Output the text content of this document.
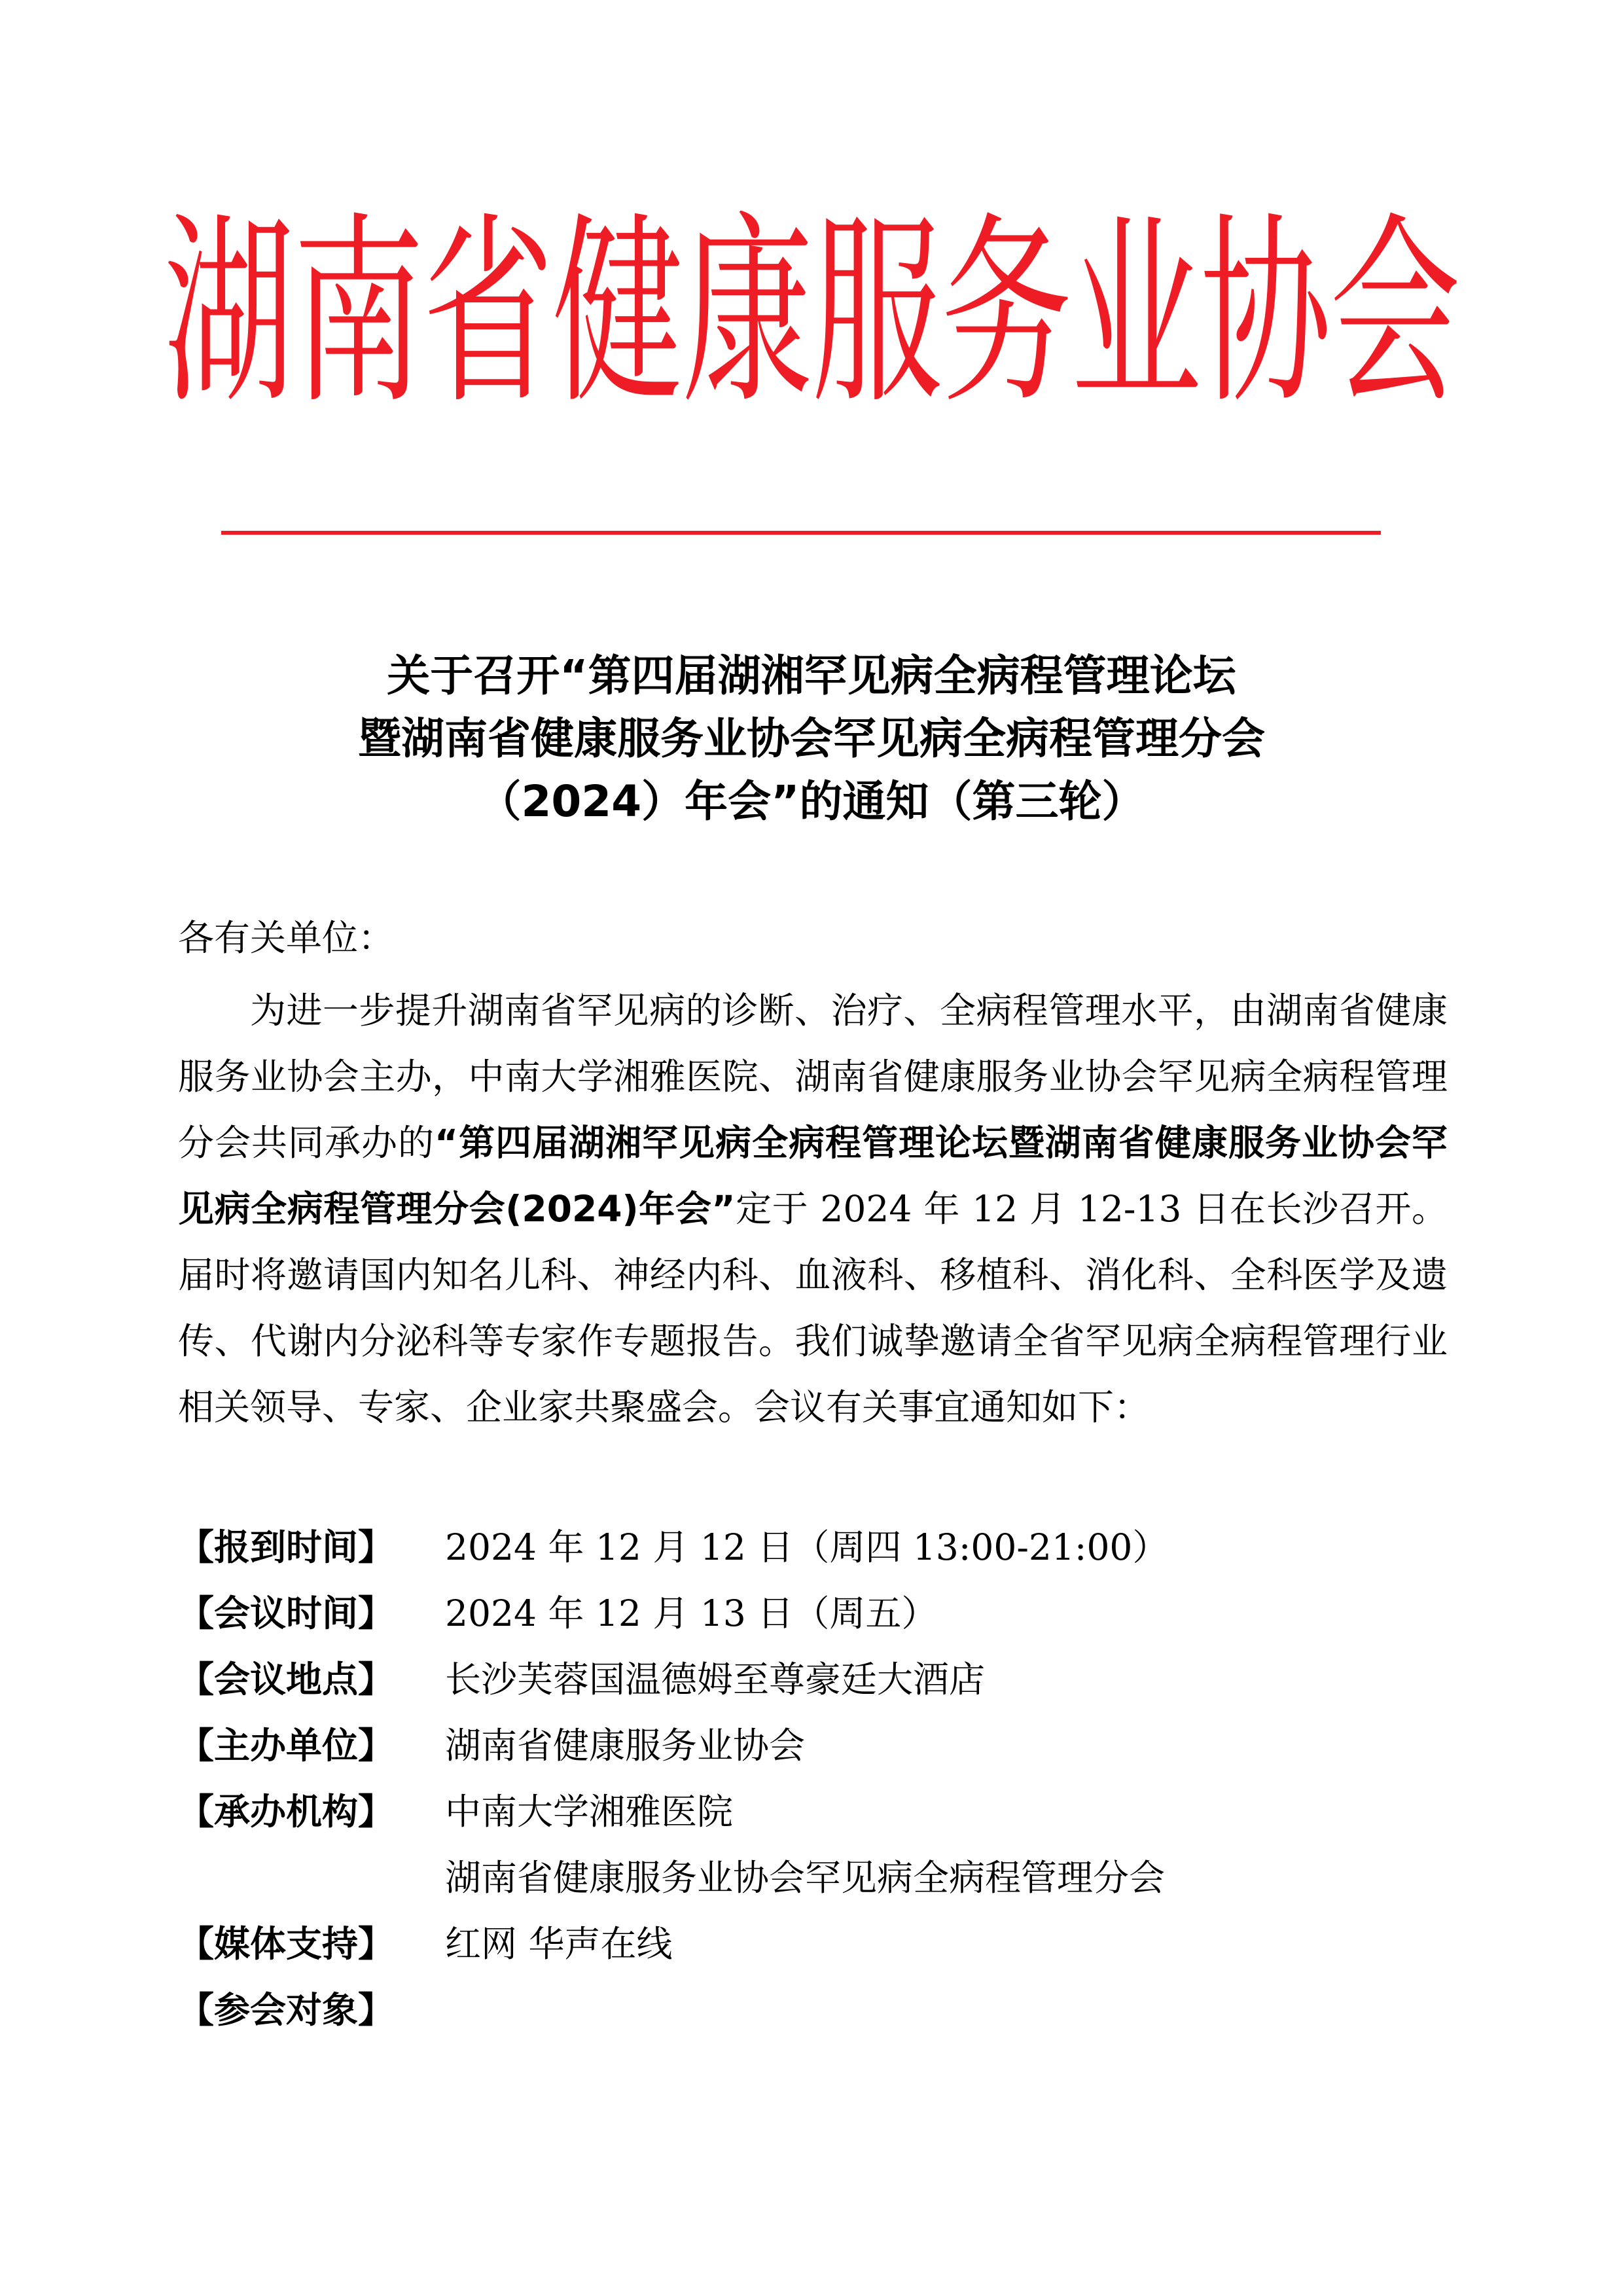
湖南省健康服务业协会
关于召开“第四届湖湘罕见病全病程管理论坛
暨湖南省健康服务业协会罕见病全病程管理分会
（2024）年会”的通知（第三轮）
各有关单位：
为进一步提升湖南省罕见病的诊断、治疗、全病程管理水平，由湖南省健康服务业协会主办，中南大学湘雅医院、湖南省健康服务业协会罕见病全病程管理分会共同承办的“第四届湖湘罕见病全病程管理论坛暨湖南省健康服务业协会罕见病全病程管理分会(2024)年会”定于 2024 年 12 月 12-13 日在长沙召开。届时将邀请国内知名儿科、神经内科、血液科、移植科、消化科、全科医学及遗传、代谢内分泌科等专家作专题报告。我们诚挚邀请全省罕见病全病程管理行业相关领导、专家、企业家共聚盛会。会议有关事宜通知如下：
【报到时间】 2024 年 12 月 12 日（周四 13:00-21:00）
【会议时间】 2024 年 12 月 13 日（周五）
【会议地点】 长沙芙蓉国温德姆至尊豪廷大酒店
【主办单位】 湖南省健康服务业协会
【承办机构】 中南大学湘雅医院
湖南省健康服务业协会罕见病全病程管理分会
【媒体支持】 红网 华声在线
【参会对象】
